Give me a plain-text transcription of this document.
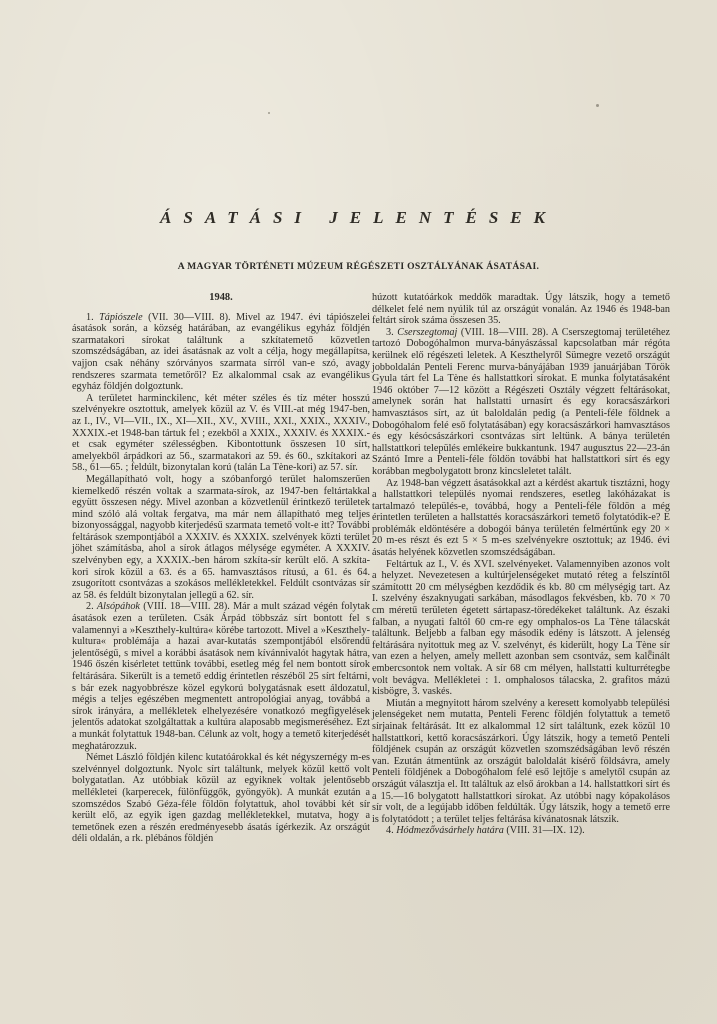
ÁSATÁSI JELENTÉSEK
A MAGYAR TÖRTÉNETI MÚZEUM RÉGÉSZETI OSZTÁLYÁNAK ÁSATÁSAI.
1948.

1. Tápiószele (VII. 30—VIII. 8). Mivel az 1947. évi tápiószelei ásatások során, a község határában, az evangélikus egyház földjén szarmatakori sírokat találtunk a szkítatemető közvetlen szomszédságában, az idei ásatásnak az volt a célja, hogy megállapítsa, vajjon csak néhány szórványos szarmata sírról van-e szó, avagy rendszeres szarmata temetőről? Ez alkalommal csak az evangélikus egyház földjén dolgoztunk.

A területet harminckilenc, két méter széles és tíz méter hosszú szelvényekre osztottuk, amelyek közül az V. és VIII.-at még 1947-ben, az I., IV., VI—VII., IX., XI—XII., XV., XVIII., XXI., XXIX., XXXIV., XXXIX.-et 1948-ban tártuk fel ; ezekből a XXIX., XXXIV. és XXXIX.-et csak egyméter szélességben. Kibontottunk összesen 10 sírt, amelyekből árpádkori az 56., szarmatakori az 59. és 60., szkítakori az 58., 61—65. ; feldúlt, bizonytalan korú (talán La Tène-kori) az 57. sír.

Megállapítható volt, hogy a szóbanforgó terület halomszerűen kiemelkedő részén voltak a szarmata-sírok, az 1947-ben feltártakkal együtt összesen négy. Mivel azonban a közvetlenül érintkező területek mind szóló alá voltak fergatva, ma már nem állapítható meg teljes bizonyossággal, nagyobb kiterjedésű szarmata temető volt-e itt? További feltárások szempontjából a XXXIV. és XXXIX. szelvények közti terület jöhet számításba, ahol a sírok átlagos mélysége egyméter. A XXXIV. szelvényben egy, a XXXIX.-ben három szkíta-sír került elő. A szkíta-kori sírok közül a 63. és a 65. hamvasztásos rítusú, a 61. és 64. zsugorított csontvázas a szokásos mellékletekkel. Feldúlt csontvázas sír az 58. és feldúlt bizonytalan jellegű a 62. sír.

2. Alsópáhok (VIII. 18—VIII. 28). Már a mult század végén folytak ásatások ezen a területen. Csák Árpád többszáz sírt bontott fel s valamennyi a »Keszthely-kultúra« körébe tartozott. Mivel a »Keszthely-kultura« problémája a hazai avar-kutatás szempontjából elsőrendű jelentőségű, s mivel a korábbi ásatások nem kívánnivalót hagytak hátra, 1946 őszén kisérletet tettünk további, esetleg még fel nem bontott sírok feltárására. Sikerült is a temető eddig érintetlen részéből 25 sírt feltárni, s bár ezek nagyobbrésze közel egykorú bolygatásnak esett áldozatul, mégis a teljes egészében megmentett antropológiai anyag, továbbá a sírok irányára, a mellékletek elhelyezésére vonatkozó megfigyelések jelentős adatokat szolgáltattak a kultúra alaposabb megismeréséhez. Ezt a munkát folytattuk 1948-ban. Célunk az volt, hogy a temető kiterjedését meghatározzuk.

Német László földjén kilenc kutatóárokkal és két négyszernégy m-es szelvénnyel dolgoztunk. Nyolc sírt találtunk, melyek közül kettő volt bolygatatlan. Az utóbbiak közül az egyiknek voltak jelentősebb mellékletei (karperecek, fülönfüggők, gyöngyök). A munkát ezután a szomszédos Szabó Géza-féle földön folytattuk, ahol további két sír került elő, az egyik igen gazdag mellékletekkel, mutatva, hogy a temetőnek ezen a részén eredményesebb ásatás ígérkezik. Az országút déli oldalán, a rk. plébános földjén

húzott kutatóárkok meddők maradtak. Úgy látszik, hogy a temető délkelet felé nem nyúlik túl az országút vonalán. Az 1946 és 1948-ban feltárt sírok száma összesen 35.

3. Cserszegtomaj (VIII. 18—VIII. 28). A Cserszegtomaj területéhez tartozó Dobogóhalmon murva-bányászással kapcsolatban már régóta kerülnek elő régészeti leletek. A Keszthelyről Sümegre vezető országút jobboldalán Penteli Ferenc murva-bányájában 1939 januárjában Török Gyula tárt fel La Tène és hallstattkori sírokat. E munka folytatásaként 1946 október 7—12 között a Régészeti Osztály végzett feltárásokat, amelynek során hat hallstatti urnasírt és egy koracsászárkori hamvasztásos sírt, az út baloldalán pedig (a Penteli-féle földnek a Dobogóhalom felé eső folytatásában) egy koracsászárkori hamvasztásos és egy késócsászárkori csontvázas sírt leltünk. A bánya területén hallstattkori település emlékeire bukkantunk. 1947 augusztus 22—23-án Szántó Imre a Penteli-féle földön további hat hallstattkori sírt és egy korábban megbolygatott bronz kincsleletet talált.

Az 1948-ban végzett ásatásokkal azt a kérdést akartuk tisztázni, hogy a hallstattkori település nyomai rendszeres, esetleg lakóházakat is tartalmazó település-e, továbbá, hogy a Penteli-féle földön a még érintetlen területen a hallstattés koracsászárkori temető folytatódik-e? E problémák eldöntésére a dobogói bánya területén felmértünk egy 20 × 20 m-es részt és ezt 5 × 5 m-es szelvényekre osztottuk; az 1946. évi ásatás helyének közvetlen szomszédságában.

Feltártuk az I., V. és XVI. szelvényeket. Valamennyiben azonos volt a helyzet. Nevezetesen a kultúrjelenségeket mutató réteg a felszíntől számítottt 20 cm mélységben kezdődik és kb. 80 cm mélységig tart. Az I. szelvény északnyugati sarkában, másodlagos fekvésben, kb. 70 × 70 cm méretű területen égetett sártapasz-töredékeket találtunk. Az északi falban, a nyugati faltól 60 cm-re egy omphalos-os La Tène tálacskát találtunk. Beljebb a falban egy második edény is látszott. A jelenség feltárására nyitottuk meg az V. szelvényt, és kiderült, hogy La Tène sír van ezen a helyen, amely mellett azonban sem csontváz, sem kalcinált embercsontok nem voltak. A sír 68 cm mélyen, hallstatti kulturrétegbe volt bevágva. Mellékletei : 1. omphalosos tálacska, 2. grafitos mázú kisbögre, 3. vaskés.

Miután a megnyitott három szelvény a keresett komolyabb települési jelenségeket nem mutatta, Penteli Ferenc földjén folytattuk a temető sírjainak feltárását. Itt ez alkalommal 12 sírt találtunk, ezek közül 10 hallstattkori, kettő koracsászárkori. Úgy látszik, hogy a temető Penteli földjének csupán az országút közvetlen szomszédságában levő részén van. Ezután átmentünk az országút baloldalát kísérő földsávra, amely Penteli földjének a Dobogóhalom felé eső lejtője s amelytől csupán az országút választja el. Itt találtuk az első árokban a 14. hallstattkori sírt és a 15.—16 bolygatott hallstattkori sírokat. Az utóbbi nagy kópakolásos sír volt, de a legújabb időben feldúlták. Úgy látszik, hogy a temető erre is folytatódott ; a terület teljes feltárása kívánatosnak látszik.

4. Hódmezővásárhely határa (VIII. 31—IX. 12).
